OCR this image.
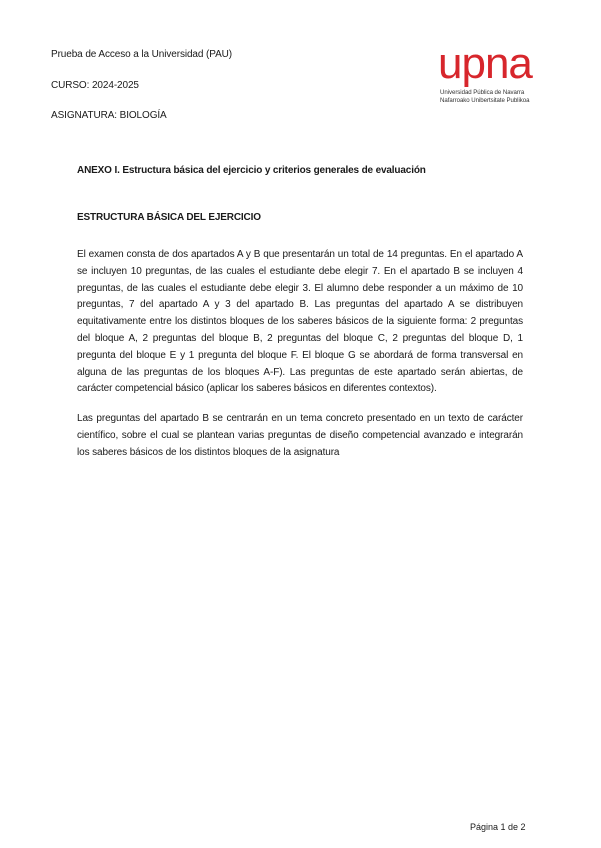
Prueba de Acceso a la Universidad (PAU)
CURSO: 2024-2025
ASIGNATURA: BIOLOGÍA
upna
Universidad Pública de Navarra
Nafarroako Unibertsitate Publikoa
ANEXO I. Estructura básica del ejercicio y criterios generales de evaluación
ESTRUCTURA BÁSICA DEL EJERCICIO
El examen consta de dos apartados A y B que presentarán un total de 14 preguntas. En el apartado A se incluyen 10 preguntas, de las cuales el estudiante debe elegir 7. En el apartado B se incluyen 4 preguntas, de las cuales el estudiante debe elegir 3. El alumno debe responder a un máximo de 10 preguntas, 7 del apartado A y 3 del apartado B. Las preguntas del apartado A se distribuyen equitativamente entre los distintos bloques de los saberes básicos de la siguiente forma: 2 preguntas del bloque A, 2 preguntas del bloque B, 2 preguntas del bloque C, 2 preguntas del bloque D, 1 pregunta del bloque E y 1 pregunta del bloque F. El bloque G se abordará de forma transversal en alguna de las preguntas de los bloques A-F). Las preguntas de este apartado serán abiertas, de carácter competencial básico (aplicar los saberes básicos en diferentes contextos).
Las preguntas del apartado B se centrarán en un tema concreto presentado en un texto de carácter científico, sobre el cual se plantean varias preguntas de diseño competencial avanzado e integrarán los saberes básicos de los distintos bloques de la asignatura
Página 1 de 2
